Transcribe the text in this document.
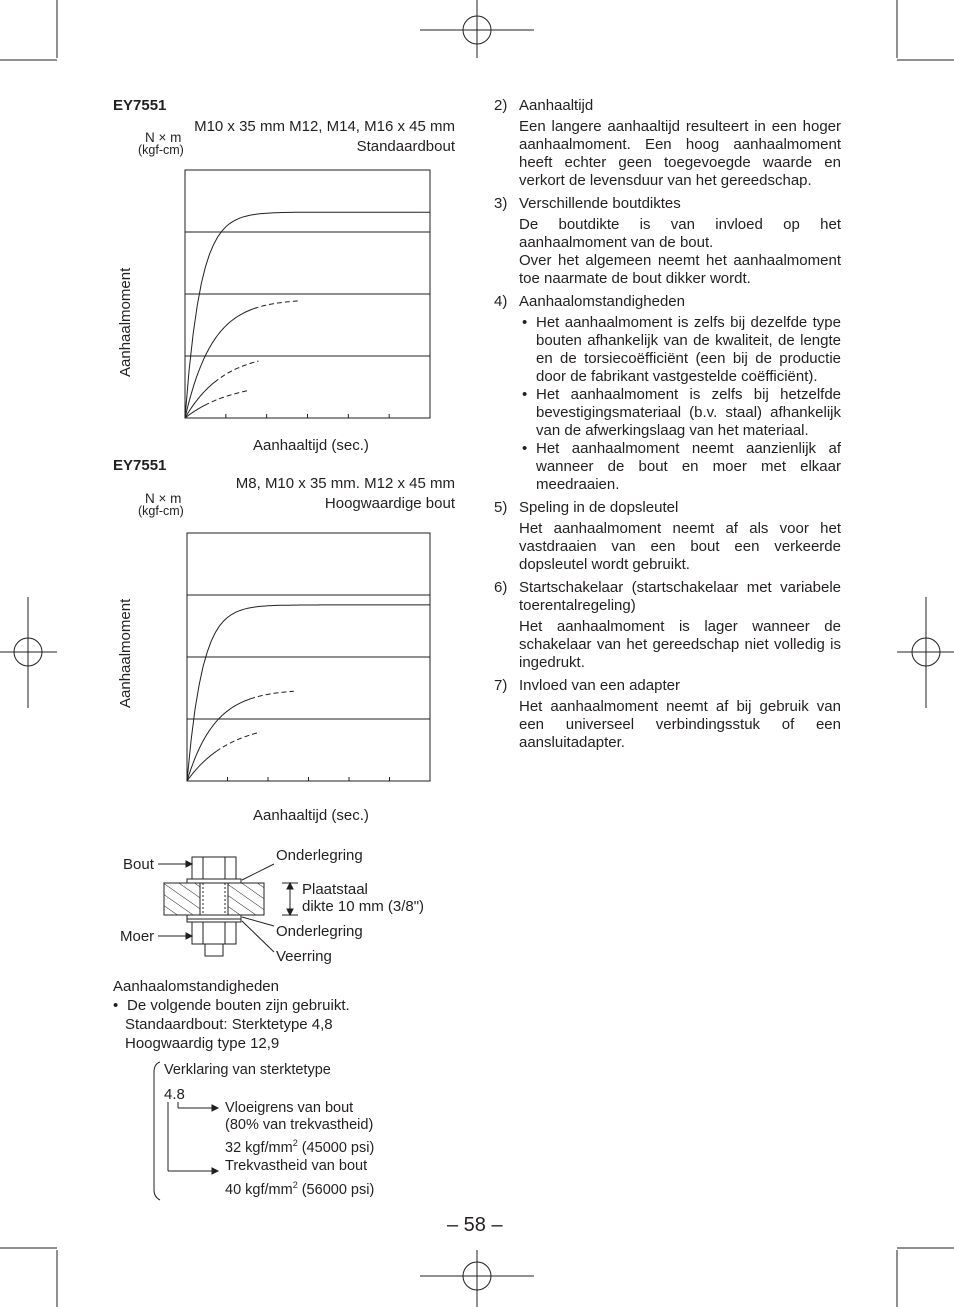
EY7551
M10 x 35 mm M12, M14, M16 x 45 mm
Standaardbout
N × m
(kgf-cm)
Aanhaalmoment
Aanhaaltijd (sec.)
EY7551
M8, M10 x 35 mm. M12 x 45 mm
Hoogwaardige bout
N × m
(kgf-cm)
Aanhaalmoment
Aanhaaltijd (sec.)
Bout
Moer
Onderlegring
Plaatstaal
dikte 10 mm (3/8")
Onderlegring
Veerring
Aanhaalomstandigheden
• De volgende bouten zijn gebruikt.
Standaardbout: Sterktetype 4,8
Hoogwaardig type 12,9
Verklaring van sterktetype
4.8
Vloeigrens van bout
(80% van trekvastheid)
32 kgf/$mm^2$ (45000 psi)
Trekvastheid van bout
40 kgf/$mm^2$ (56000 psi)
2) Aanhaaltijd
Een langere aanhaaltijd resulteert in een hoger aanhaalmoment. Een hoog aanhaalmoment heeft echter geen toegevoegde waarde en verkort de levensduur van het gereedschap.
3) Verschillende boutdiktes
De boutdikte is van invloed op het aanhaalmoment van de bout.
Over het algemeen neemt het aanhaalmoment toe naarmate de bout dikker wordt.
4) Aanhaalomstandigheden
• Het aanhaalmoment is zelfs bij dezelfde type bouten afhankelijk van de kwaliteit, de lengte en de torsiecoëfficiënt (een bij de productie door de fabrikant vastgestelde coëfficiënt).
• Het aanhaalmoment is zelfs bij hetzelfde bevestigingsmateriaal (b.v. staal) afhankelijk van de afwerkingslaag van het materiaal.
• Het aanhaalmoment neemt aanzienlijk af wanneer de bout en moer met elkaar meedraaien.
5) Speling in de dopsleutel
Het aanhaalmoment neemt af als voor het vastdraaien van een bout een verkeerde dopsleutel wordt gebruikt.
6) Startschakelaar (startschakelaar met variabele toerentalregeling)
Het aanhaalmoment is lager wanneer de schakelaar van het gereedschap niet volledig is ingedrukt.
7) Invloed van een adapter
Het aanhaalmoment neemt af bij gebruik van een universeel verbindingsstuk of een aansluitadapter.
– 58 –
